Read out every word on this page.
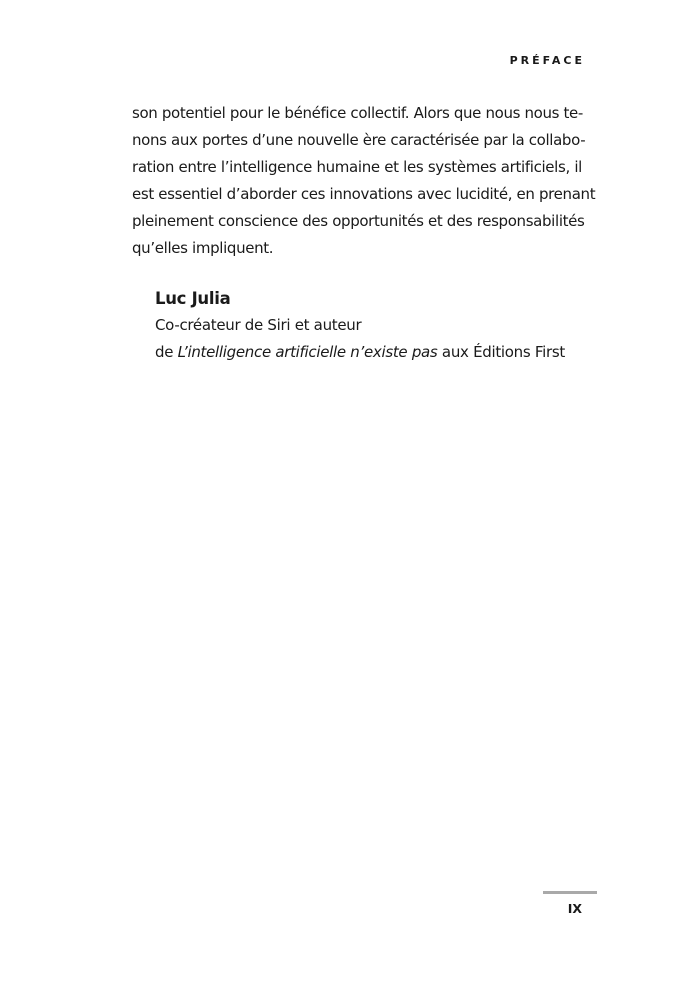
PRÉFACE
son potentiel pour le bénéfice collectif. Alors que nous nous te-
nons aux portes d’une nouvelle ère caractérisée par la collabo-
ration entre l’intelligence humaine et les systèmes artificiels, il
est essentiel d’aborder ces innovations avec lucidité, en prenant
pleinement conscience des opportunités et des responsabilités
qu’elles impliquent.
Luc Julia
Co-créateur de Siri et auteur
de L’intelligence artificielle n’existe pas aux Éditions First
IX
